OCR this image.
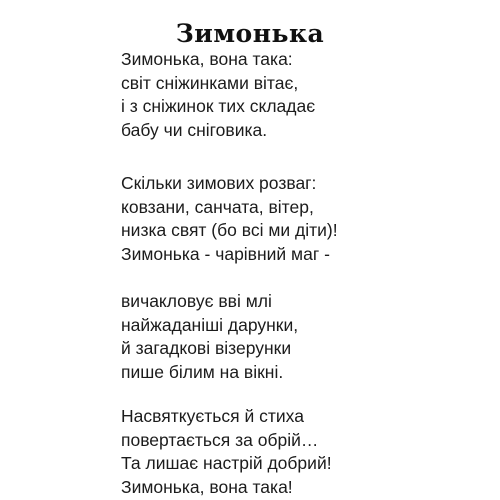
Зимонька

Зимонька, вона така:
світ сніжинками вітає,
і з сніжинок тих складає
бабу чи сніговика.

Скільки зимових розваг:
ковзани, санчата, вітер,
низка свят (бо всі ми діти)!
Зимонька - чарівний маг -

вичакловує вві млі
найжаданіші дарунки,
й загадкові візерунки
пише білим на вікні.

Насвяткується й стиха
повертається за обрій…
Та лишає настрій добрий!
Зимонька, вона така!
